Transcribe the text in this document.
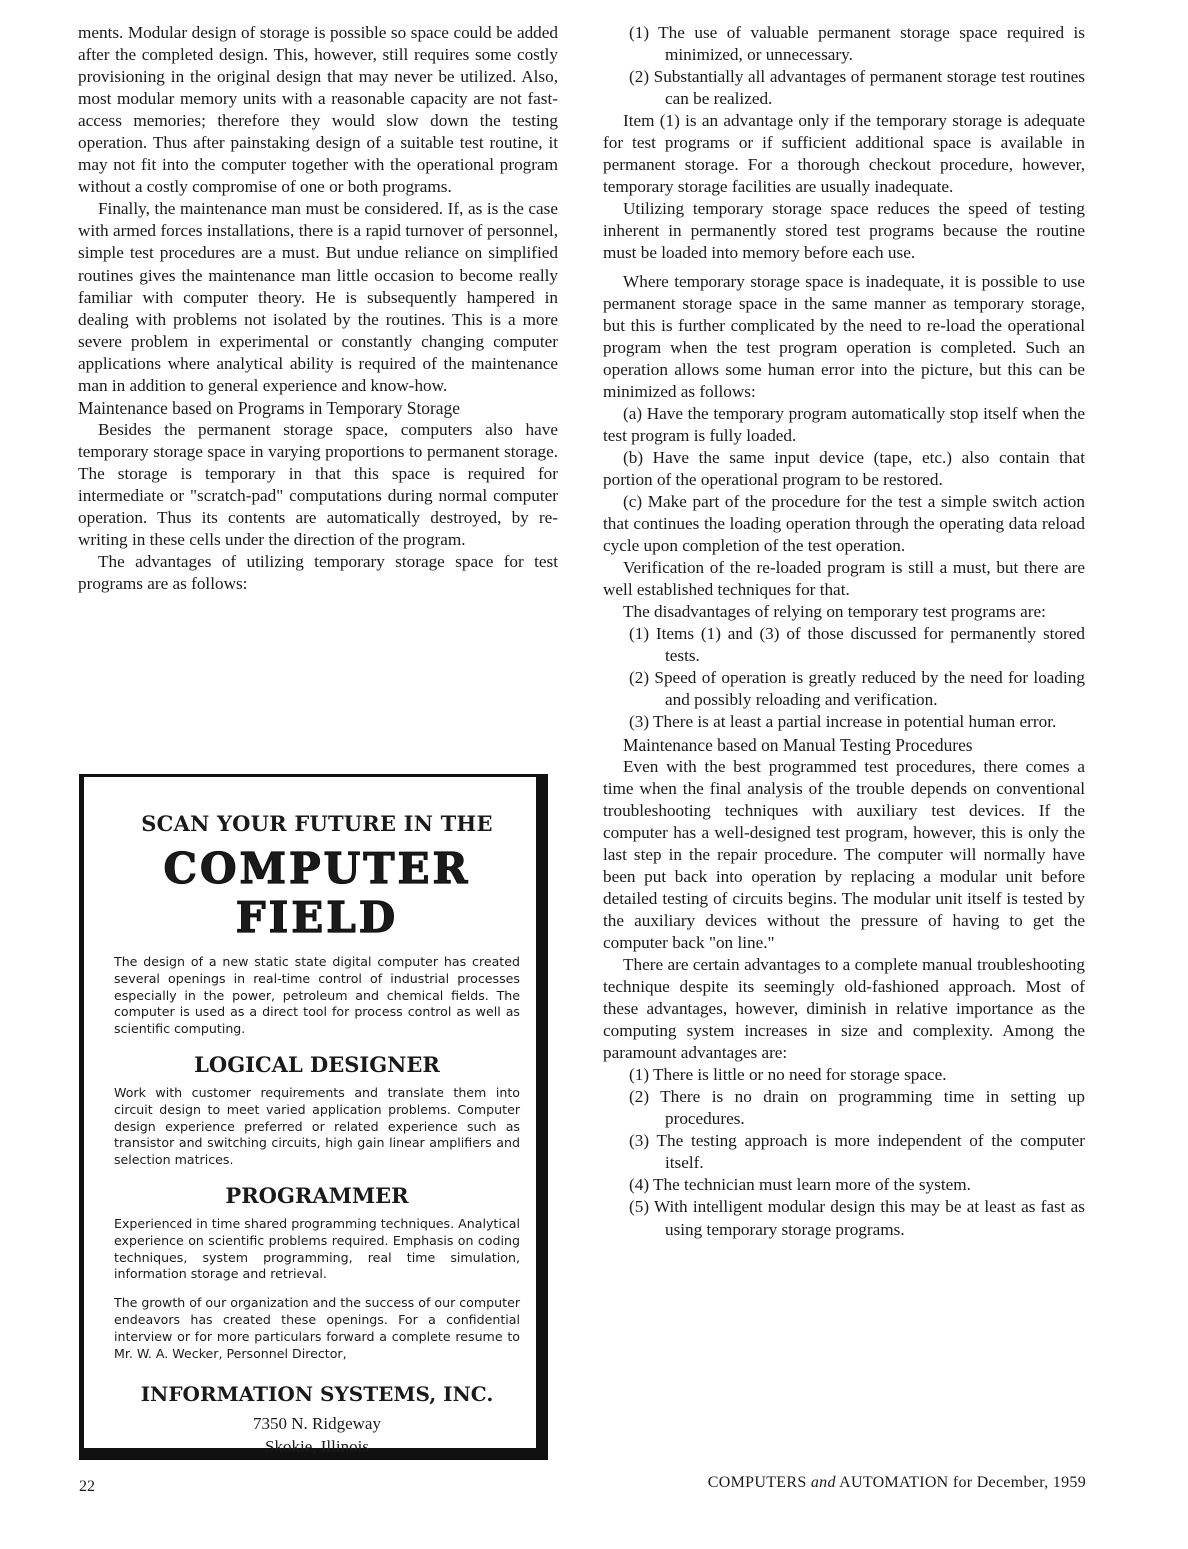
ments. Modular design of storage is possible so space could be added after the completed design. This, however, still requires some costly provisioning in the original design that may never be utilized. Also, most modular memory units with a reasonable capacity are not fast-access memories; therefore they would slow down the testing operation. Thus after painstaking design of a suitable test routine, it may not fit into the computer together with the operational program without a costly compromise of one or both programs.

Finally, the maintenance man must be considered. If, as is the case with armed forces installations, there is a rapid turnover of personnel, simple test procedures are a must. But undue reliance on simplified routines gives the maintenance man little occasion to become really familiar with computer theory. He is subsequently hampered in dealing with problems not isolated by the routines. This is a more severe problem in experimental or constantly changing computer applications where analytical ability is required of the maintenance man in addition to general experience and know-how.

Maintenance based on Programs in Temporary Storage

Besides the permanent storage space, computers also have temporary storage space in varying proportions to permanent storage. The storage is temporary in that this space is required for intermediate or "scratch-pad" computations during normal computer operation. Thus its contents are automatically destroyed, by re-writing in these cells under the direction of the program.

The advantages of utilizing temporary storage space for test programs are as follows:

SCAN YOUR FUTURE IN THE
COMPUTER FIELD

The design of a new static state digital computer has created several openings in real-time control of industrial processes especially in the power, petroleum and chemical fields. The computer is used as a direct tool for process control as well as scientific computing.

LOGICAL DESIGNER

Work with customer requirements and translate them into circuit design to meet varied application problems. Computer design experience preferred or related experience such as transistor and switching circuits, high gain linear amplifiers and selection matrices.

PROGRAMMER

Experienced in time shared programming techniques. Analytical experience on scientific problems required. Emphasis on coding techniques, system programming, real time simulation, information storage and retrieval.

The growth of our organization and the success of our computer endeavors has created these openings. For a confidential interview or for more particulars forward a complete resume to Mr. W. A. Wecker, Personnel Director,

INFORMATION SYSTEMS, INC.
7350 N. Ridgeway
Skokie, Illinois

(1) The use of valuable permanent storage space required is minimized, or unnecessary.

(2) Substantially all advantages of permanent storage test routines can be realized.

Item (1) is an advantage only if the temporary storage is adequate for test programs or if sufficient additional space is available in permanent storage. For a thorough checkout procedure, however, temporary storage facilities are usually inadequate.

Utilizing temporary storage space reduces the speed of testing inherent in permanently stored test programs because the routine must be loaded into memory before each use.

Where temporary storage space is inadequate, it is possible to use permanent storage space in the same manner as temporary storage, but this is further complicated by the need to re-load the operational program when the test program operation is completed. Such an operation allows some human error into the picture, but this can be minimized as follows:

(a) Have the temporary program automatically stop itself when the test program is fully loaded.

(b) Have the same input device (tape, etc.) also contain that portion of the operational program to be restored.

(c) Make part of the procedure for the test a simple switch action that continues the loading operation through the operating data reload cycle upon completion of the test operation.

Verification of the re-loaded program is still a must, but there are well established techniques for that.

The disadvantages of relying on temporary test programs are:

(1) Items (1) and (3) of those discussed for permanently stored tests.

(2) Speed of operation is greatly reduced by the need for loading and possibly reloading and verification.

(3) There is at least a partial increase in potential human error.

Maintenance based on Manual Testing Procedures

Even with the best programmed test procedures, there comes a time when the final analysis of the trouble depends on conventional troubleshooting techniques with auxiliary test devices. If the computer has a well-designed test program, however, this is only the last step in the repair procedure. The computer will normally have been put back into operation by replacing a modular unit before detailed testing of circuits begins. The modular unit itself is tested by the auxiliary devices without the pressure of having to get the computer back "on line."

There are certain advantages to a complete manual troubleshooting technique despite its seemingly old-fashioned approach. Most of these advantages, however, diminish in relative importance as the computing system increases in size and complexity. Among the paramount advantages are:

(1) There is little or no need for storage space.

(2) There is no drain on programming time in setting up procedures.

(3) The testing approach is more independent of the computer itself.

(4) The technician must learn more of the system.

(5) With intelligent modular design this may be at least as fast as using temporary storage programs.

22	COMPUTERS and AUTOMATION for December, 1959
